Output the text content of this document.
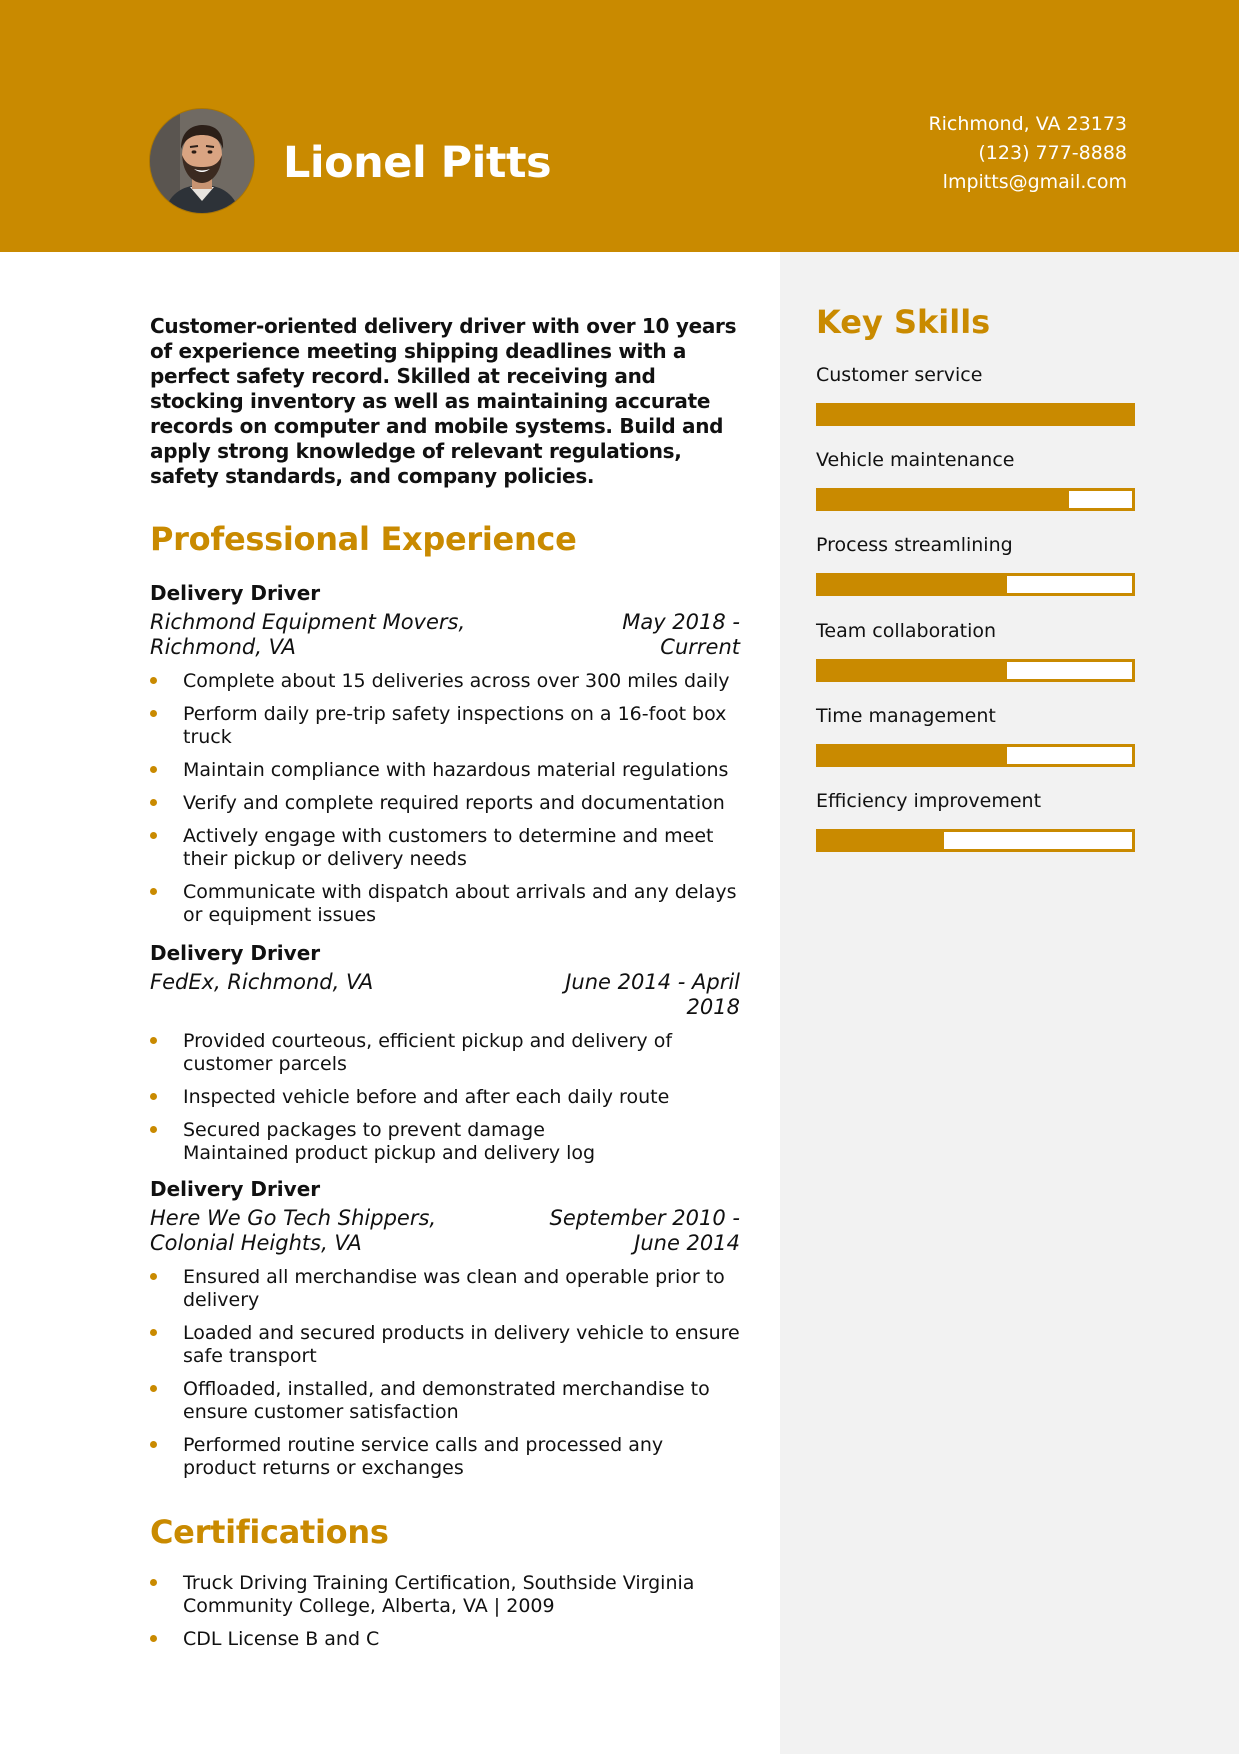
Lionel Pitts
Richmond, VA 23173
(123) 777-8888
lmpitts@gmail.com
Key Skills
Customer service
Vehicle maintenance
Process streamlining
Team collaboration
Time management
Efficiency improvement

Customer-oriented delivery driver with over 10 years of experience meeting shipping deadlines with a perfect safety record. Skilled at receiving and stocking inventory as well as maintaining accurate records on computer and mobile systems. Build and apply strong knowledge of relevant regulations, safety standards, and company policies.

Professional Experience
Delivery Driver
Richmond Equipment Movers, Richmond, VA
May 2018 - Current
Complete about 15 deliveries across over 300 miles daily
Perform daily pre-trip safety inspections on a 16-foot box truck
Maintain compliance with hazardous material regulations
Verify and complete required reports and documentation
Actively engage with customers to determine and meet their pickup or delivery needs
Communicate with dispatch about arrivals and any delays or equipment issues
Delivery Driver
FedEx, Richmond, VA	June 2014 - April 2018
Provided courteous, efficient pickup and delivery of customer parcels
Inspected vehicle before and after each daily route
Secured packages to prevent damage
Maintained product pickup and delivery log
Delivery Driver
Here We Go Tech Shippers, Colonial Heights, VA
September 2010 - June 2014
Ensured all merchandise was clean and operable prior to delivery
Loaded and secured products in delivery vehicle to ensure safe transport
Offloaded, installed, and demonstrated merchandise to ensure customer satisfaction
Performed routine service calls and processed any product returns or exchanges
Certifications
Truck Driving Training Certification, Southside Virginia Community College, Alberta, VA | 2009
CDL License B and C
